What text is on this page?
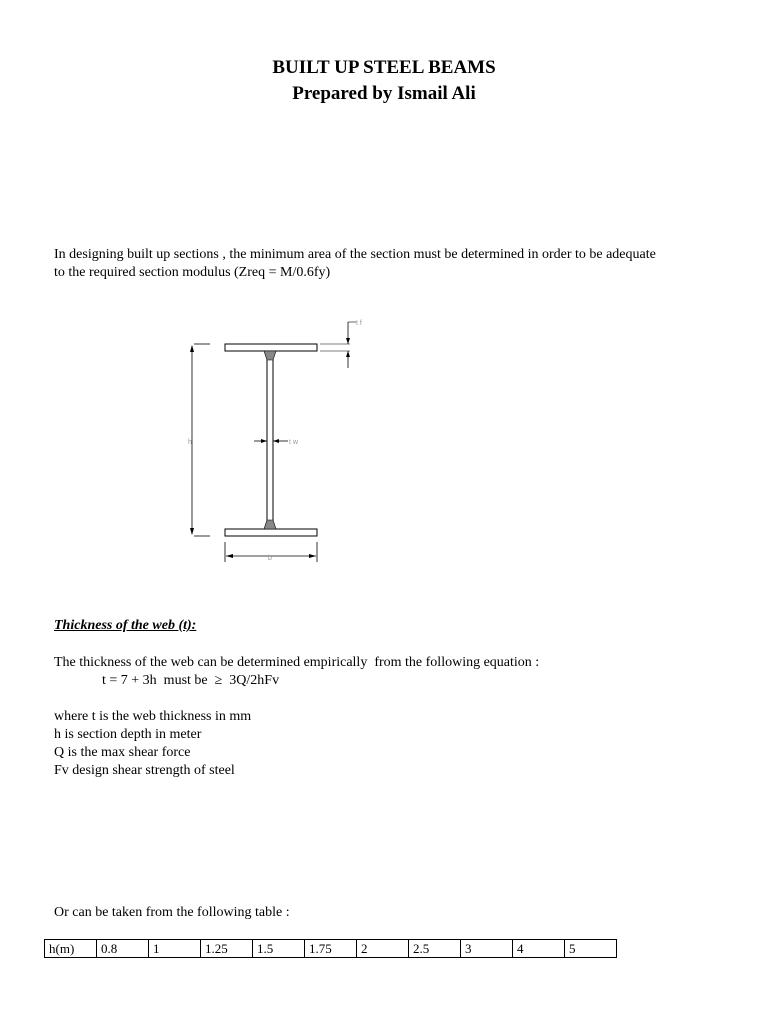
BUILT UP STEEL BEAMS
Prepared by Ismail Ali
In designing built up sections , the minimum area of the section must be determined in order to be adequate
to the required section modulus (Zreq = M/0.6fy)
h
t f
t w
b
Thickness of the web (t):
The thickness of the web can be determined empirically  from the following equation :
t = 7 + 3h  must be  ≥  3Q/2hFv
where t is the web thickness in mm
h is section depth in meter
Q is the max shear force
Fv design shear strength of steel
Or can be taken from the following table :
h(m)	0.8	1	1.25	1.5	1.75	2	2.5	3	4	5
